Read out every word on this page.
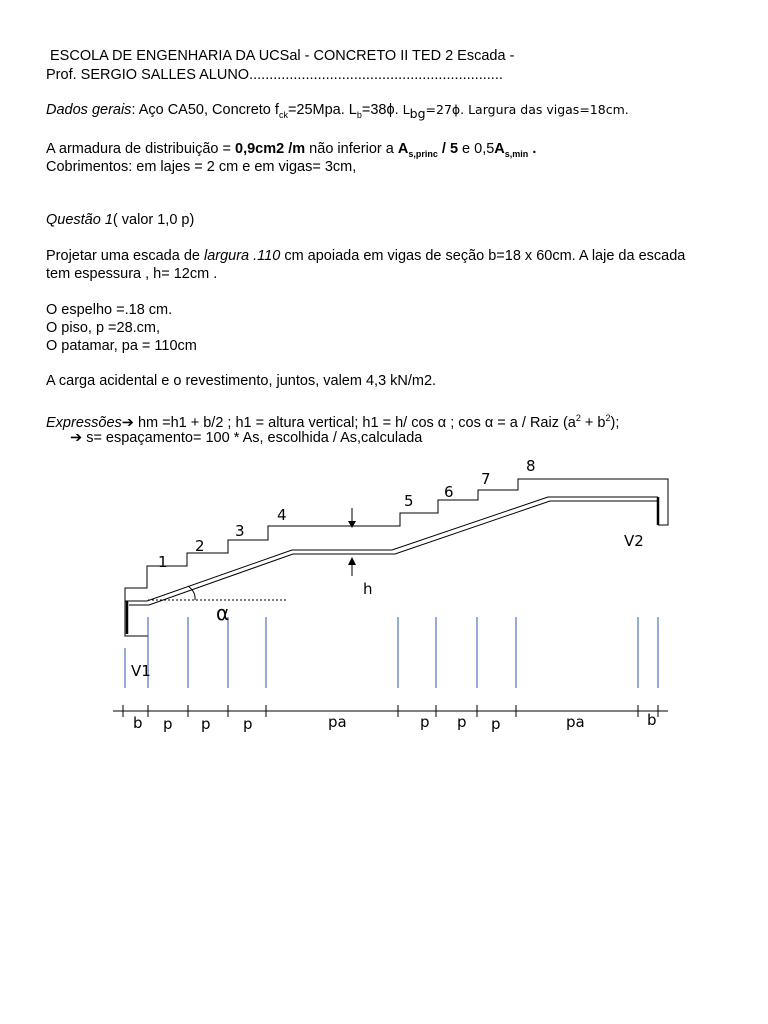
ESCOLA DE ENGENHARIA DA UCSal - CONCRETO II TED 2 Escada -
Prof. SERGIO SALLES ALUNO...............................................................
Dados gerais: Aço CA50, Concreto $f_{ck}=25Mpa$. $L_b=38\phi$. $L_{bg}=27\phi$. Largura das vigas=18cm.
A armadura de distribuição = 0,9cm2 /m não inferior a $A_{s,princ} / 5$ e $0,5A_{s,min}$ .
Cobrimentos: em lajes = 2 cm e em vigas= 3cm,
Questão 1( valor 1,0 p)
Projetar uma escada de largura .110 cm apoiada em vigas de seção b=18 x 60cm. A laje da escada
tem espessura , h= 12cm .
O espelho =.18 cm.
O piso, p =28.cm,
O patamar, pa = 110cm
A carga acidental e o revestimento, juntos, valem 4,3 kN/m2.
Expressões➔ hm =h1 + b/2 ; h1 = altura vertical; h1 = h/ cos α ; cos α = a / Raiz $(a^2 + b^2)$;
➔ s= espaçamento= 100 * As, escolhida / As,calculada
1
2
3
4
5 6
7
8
V2
h
α
V1
b p p p	pa	p p p	pa	b
